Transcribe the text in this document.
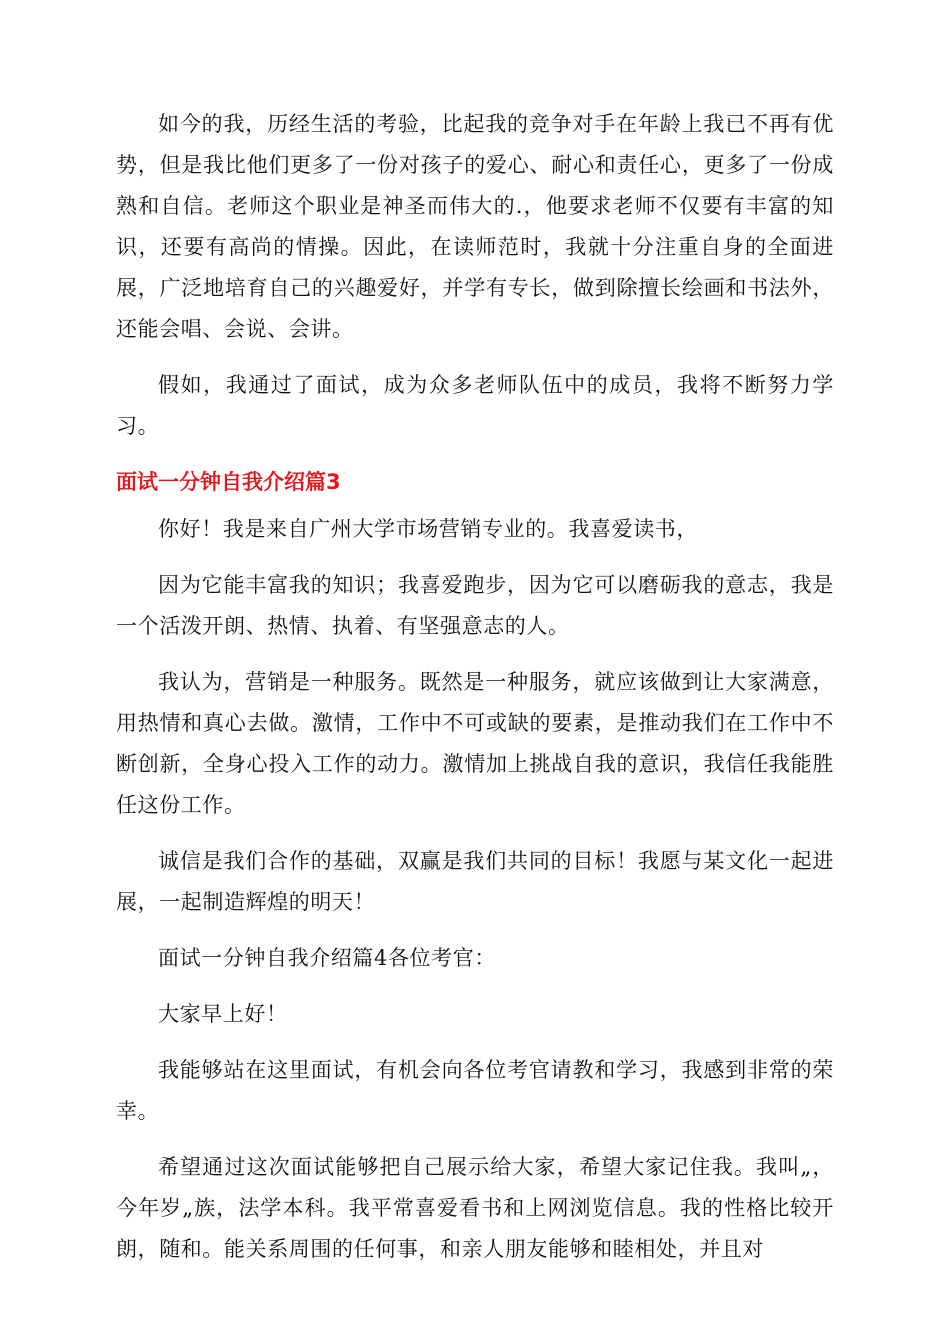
如今的我，历经生活的考验，比起我的竞争对手在年龄上我已不再有优势，但是我比他们更多了一份对孩子的爱心、耐心和责任心，更多了一份成熟和自信。老师这个职业是神圣而伟大的.，他要求老师不仅要有丰富的知识，还要有高尚的情操。因此，在读师范时，我就十分注重自身的全面进展，广泛地培育自己的兴趣爱好，并学有专长，做到除擅长绘画和书法外，还能会唱、会说、会讲。

假如，我通过了面试，成为众多老师队伍中的成员，我将不断努力学习。

面试一分钟自我介绍篇3

你好！我是来自广州大学市场营销专业的。我喜爱读书，

因为它能丰富我的知识；我喜爱跑步，因为它可以磨砺我的意志，我是一个活泼开朗、热情、执着、有坚强意志的人。

我认为，营销是一种服务。既然是一种服务，就应该做到让大家满意，用热情和真心去做。激情，工作中不可或缺的要素，是推动我们在工作中不断创新，全身心投入工作的动力。激情加上挑战自我的意识，我信任我能胜任这份工作。

诚信是我们合作的基础，双赢是我们共同的目标！我愿与某文化一起进展，一起制造辉煌的明天！

面试一分钟自我介绍篇4各位考官：

大家早上好！

我能够站在这里面试，有机会向各位考官请教和学习，我感到非常的荣幸。

希望通过这次面试能够把自己展示给大家，希望大家记住我。我叫„，今年岁„族，法学本科。我平常喜爱看书和上网浏览信息。我的性格比较开朗，随和。能关系周围的任何事，和亲人朋友能够和睦相处，并且对
